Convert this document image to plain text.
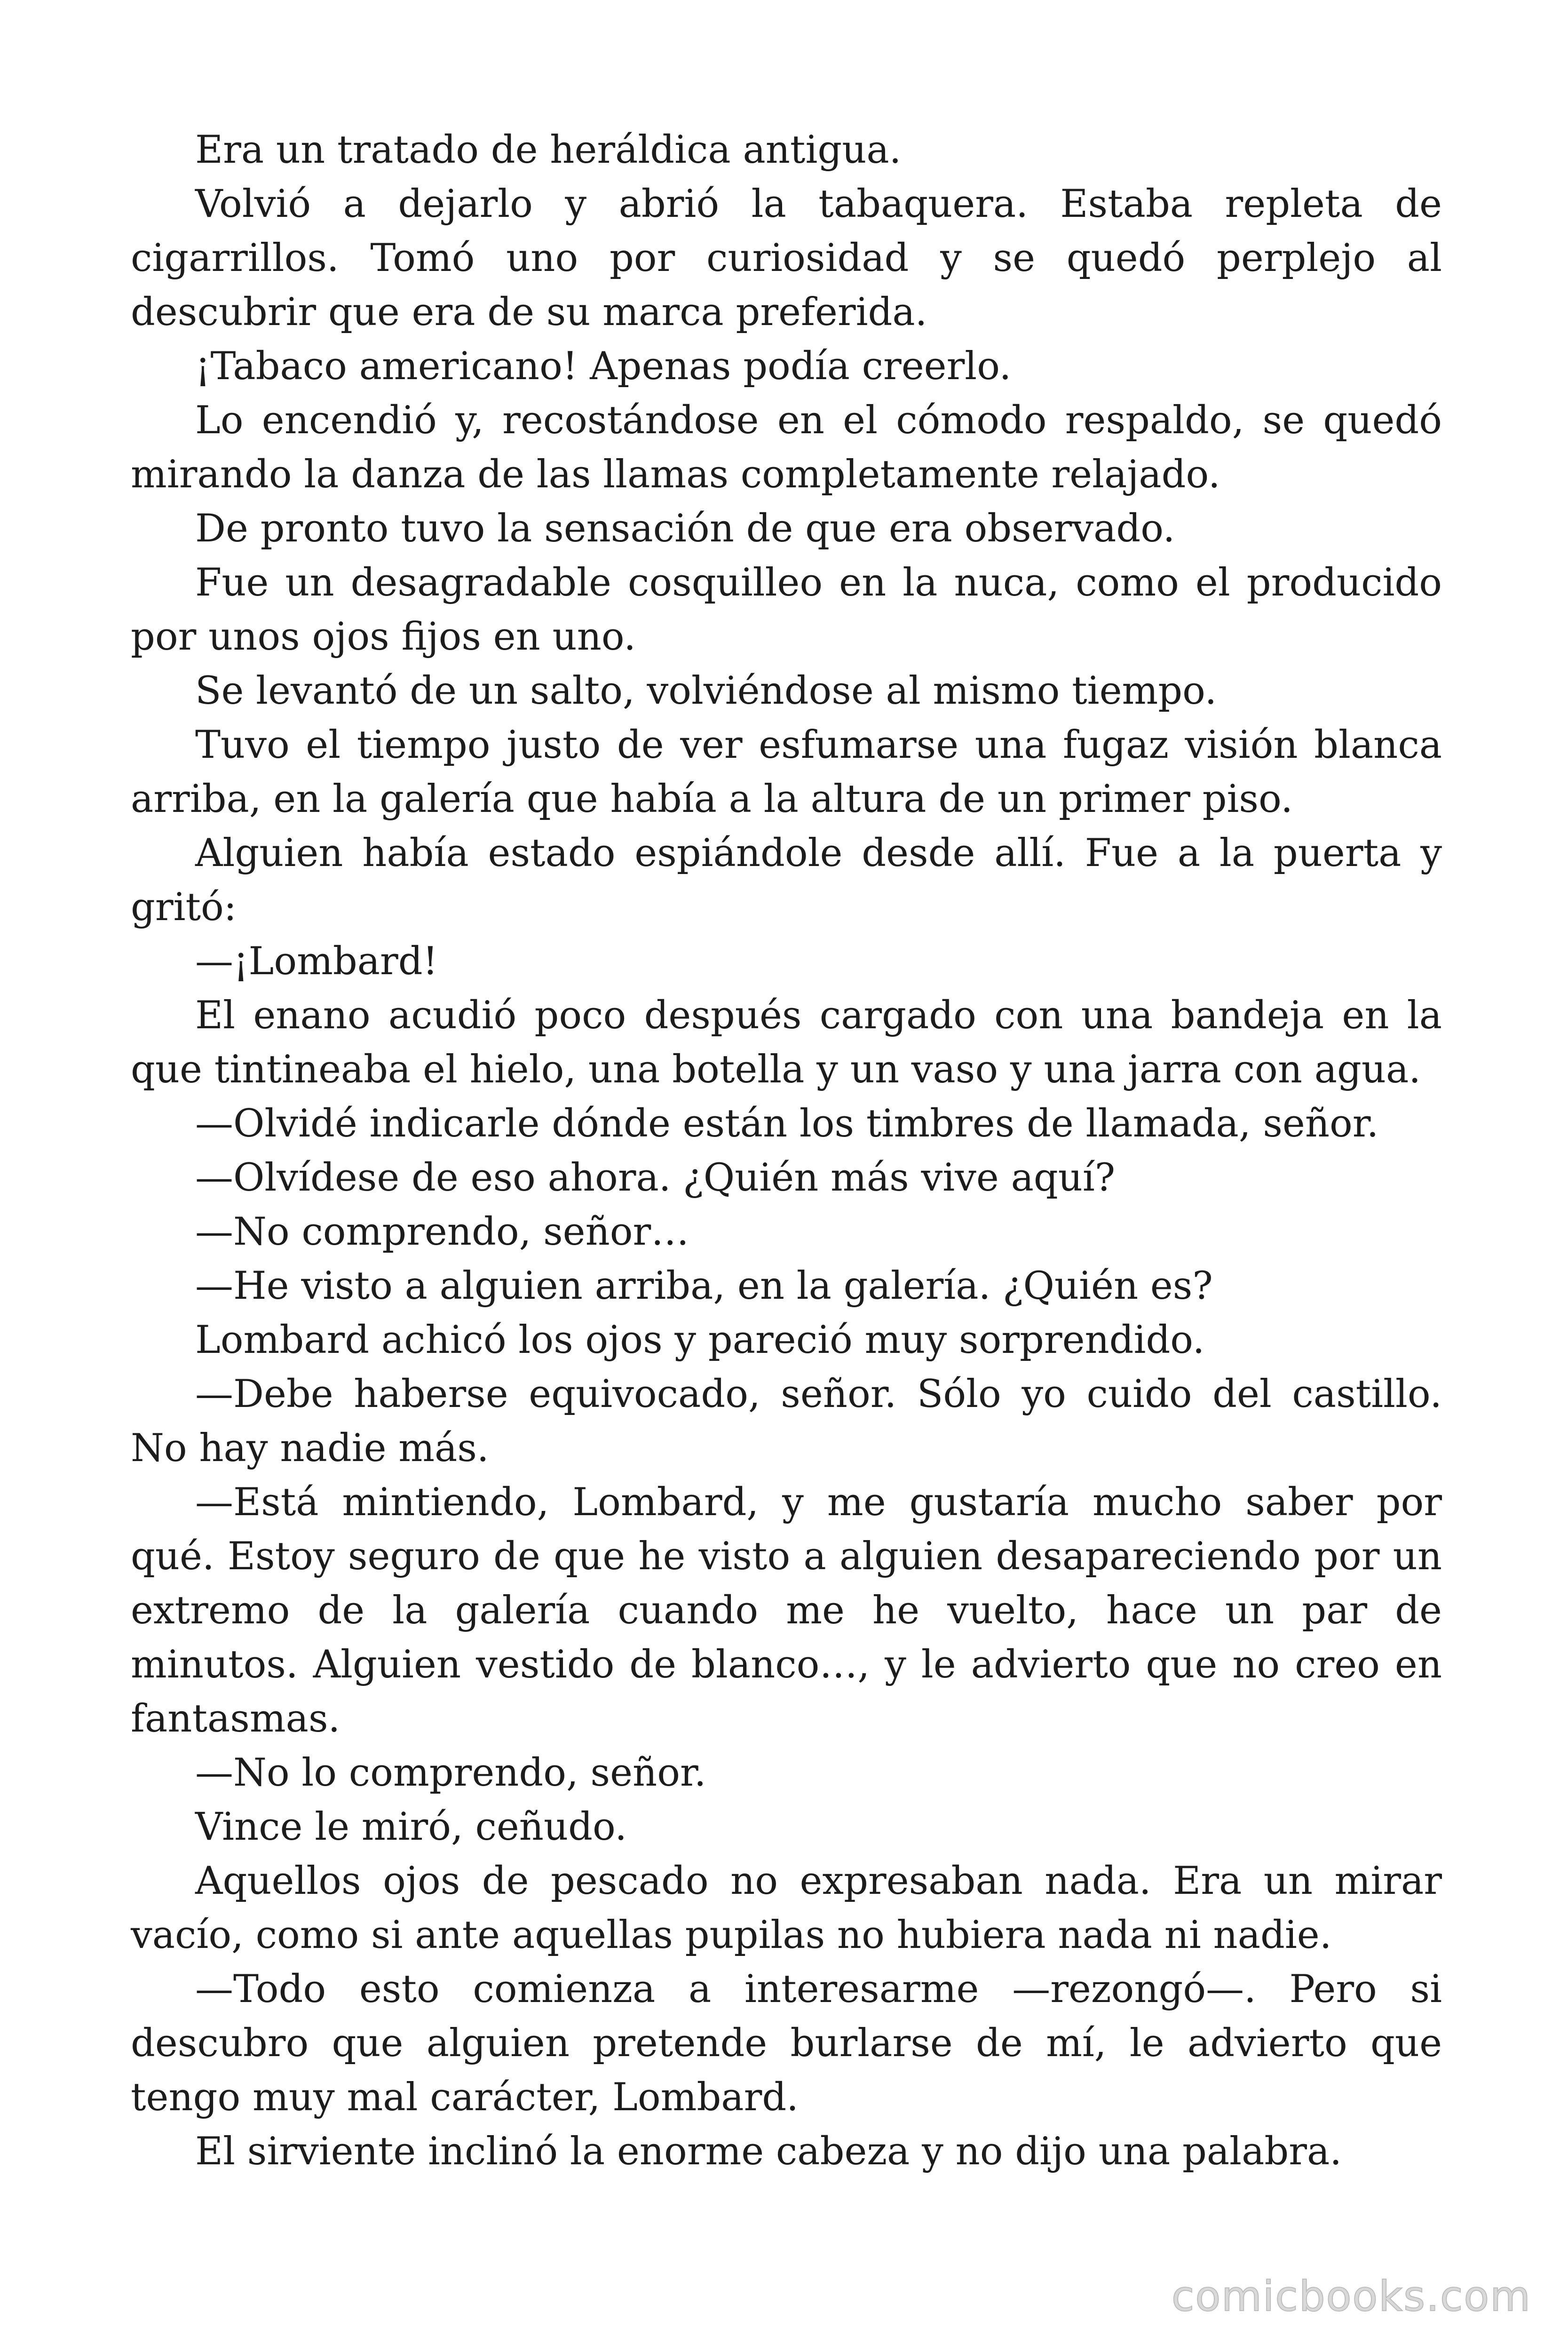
Era un tratado de heráldica antigua.

Volvió a dejarlo y abrió la tabaquera. Estaba repleta de cigarrillos. Tomó uno por curiosidad y se quedó perplejo al descubrir que era de su marca preferida.

¡Tabaco americano! Apenas podía creerlo.

Lo encendió y, recostándose en el cómodo respaldo, se quedó mirando la danza de las llamas completamente relajado.

De pronto tuvo la sensación de que era observado.

Fue un desagradable cosquilleo en la nuca, como el producido por unos ojos fijos en uno.

Se levantó de un salto, volviéndose al mismo tiempo.

Tuvo el tiempo justo de ver esfumarse una fugaz visión blanca arriba, en la galería que había a la altura de un primer piso.

Alguien había estado espiándole desde allí. Fue a la puerta y gritó:

—¡Lombard!

El enano acudió poco después cargado con una bandeja en la que tintineaba el hielo, una botella y un vaso y una jarra con agua.

—Olvidé indicarle dónde están los timbres de llamada, señor.

—Olvídese de eso ahora. ¿Quién más vive aquí?

—No comprendo, señor…

—He visto a alguien arriba, en la galería. ¿Quién es?

Lombard achicó los ojos y pareció muy sorprendido.

—Debe haberse equivocado, señor. Sólo yo cuido del castillo. No hay nadie más.

—Está mintiendo, Lombard, y me gustaría mucho saber por qué. Estoy seguro de que he visto a alguien desapareciendo por un extremo de la galería cuando me he vuelto, hace un par de minutos. Alguien vestido de blanco…, y le advierto que no creo en fantasmas.

—No lo comprendo, señor.

Vince le miró, ceñudo.

Aquellos ojos de pescado no expresaban nada. Era un mirar vacío, como si ante aquellas pupilas no hubiera nada ni nadie.

—Todo esto comienza a interesarme —rezongó—. Pero si descubro que alguien pretende burlarse de mí, le advierto que tengo muy mal carácter, Lombard.

El sirviente inclinó la enorme cabeza y no dijo una palabra.

comicbooks.com
